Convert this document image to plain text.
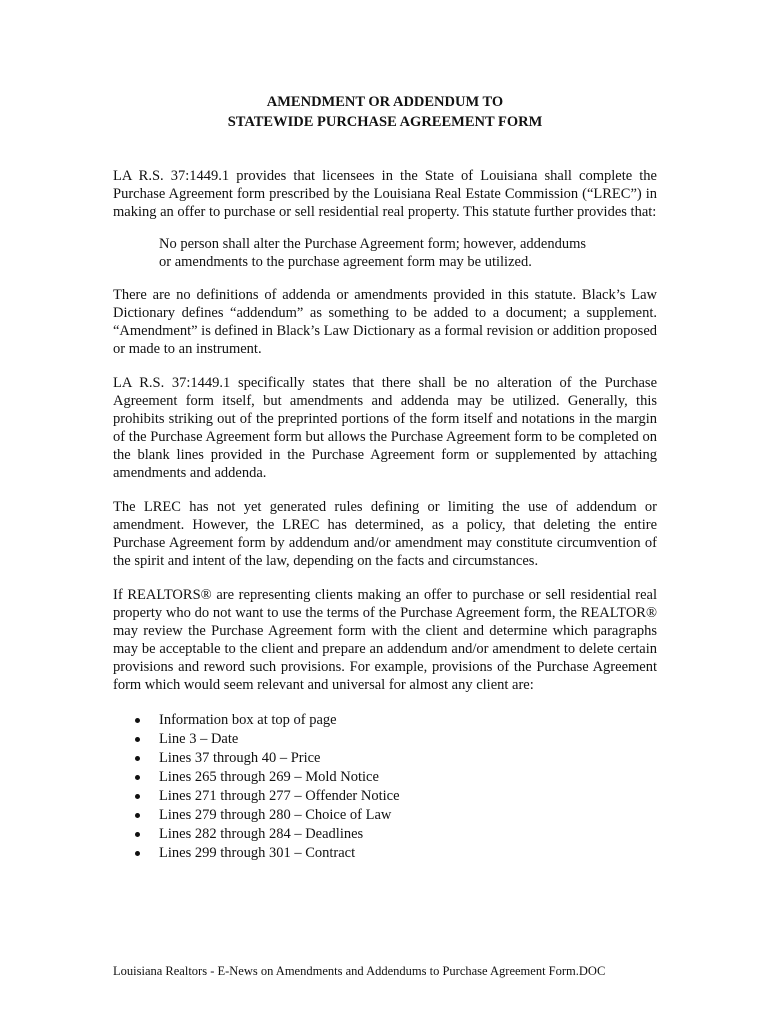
AMENDMENT OR ADDENDUM TO
STATEWIDE PURCHASE AGREEMENT FORM

LA R.S. 37:1449.1 provides that licensees in the State of Louisiana shall complete the Purchase Agreement form prescribed by the Louisiana Real Estate Commission (“LREC”) in making an offer to purchase or sell residential real property. This statute further provides that:

No person shall alter the Purchase Agreement form; however, addendums
or amendments to the purchase agreement form may be utilized.

There are no definitions of addenda or amendments provided in this statute. Black’s Law Dictionary defines “addendum” as something to be added to a document; a supplement. “Amendment” is defined in Black’s Law Dictionary as a formal revision or addition proposed or made to an instrument.

LA R.S. 37:1449.1 specifically states that there shall be no alteration of the Purchase Agreement form itself, but amendments and addenda may be utilized. Generally, this prohibits striking out of the preprinted portions of the form itself and notations in the margin of the Purchase Agreement form but allows the Purchase Agreement form to be completed on the blank lines provided in the Purchase Agreement form or supplemented by attaching amendments and addenda.

The LREC has not yet generated rules defining or limiting the use of addendum or amendment. However, the LREC has determined, as a policy, that deleting the entire Purchase Agreement form by addendum and/or amendment may constitute circumvention of the spirit and intent of the law, depending on the facts and circumstances.

If REALTORS® are representing clients making an offer to purchase or sell residential real property who do not want to use the terms of the Purchase Agreement form, the REALTOR® may review the Purchase Agreement form with the client and determine which paragraphs may be acceptable to the client and prepare an addendum and/or amendment to delete certain provisions and reword such provisions. For example, provisions of the Purchase Agreement form which would seem relevant and universal for almost any client are:

Information box at top of page
Line 3 – Date
Lines 37 through 40 – Price
Lines 265 through 269 – Mold Notice
Lines 271 through 277 – Offender Notice
Lines 279 through 280 – Choice of Law
Lines 282 through 284 – Deadlines
Lines 299 through 301 – Contract

Louisiana Realtors - E-News on Amendments and Addendums to Purchase Agreement Form.DOC
